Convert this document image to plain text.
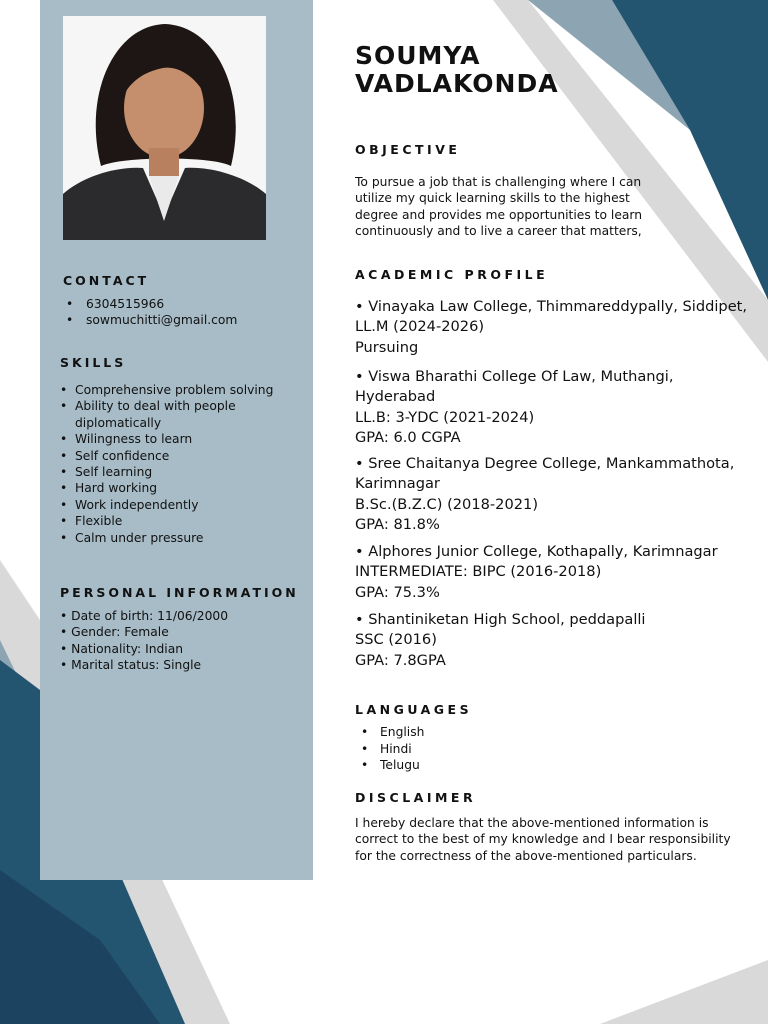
CONTACT
• 6304515966
• sowmuchitti@gmail.com
SKILLS
• Comprehensive problem solving
• Ability to deal with people diplomatically
• Wilingness to learn
• Self confidence
• Self learning
• Hard working
• Work independently
• Flexible
• Calm under pressure
PERSONAL INFORMATION
• Date of birth: 11/06/2000
• Gender: Female
• Nationality: Indian
• Marital status: Single
SOUMYA
VADLAKONDA
OBJECTIVE

To pursue a job that is challenging where I can
utilize my quick learning skills to the highest
degree and provides me opportunities to learn
continuously and to live a career that matters,

ACADEMIC PROFILE
• Vinayaka Law College, Thimmareddypally, Siddipet,
LL.M (2024-2026)
Pursuing
• Viswa Bharathi College Of Law, Muthangi,
Hyderabad
LL.B: 3-YDC (2021-2024)
GPA: 6.0 CGPA
• Sree Chaitanya Degree College, Mankammathota,
Karimnagar
B.Sc.(B.Z.C) (2018-2021)
GPA: 81.8%
• Alphores Junior College, Kothapally, Karimnagar
INTERMEDIATE: BIPC (2016-2018)
GPA: 75.3%
• Shantiniketan High School, peddapalli
SSC (2016)
GPA: 7.8GPA
LANGUAGES
• English
• Hindi
• Telugu
DISCLAIMER

I hereby declare that the above-mentioned information is
correct to the best of my knowledge and I bear responsibility
for the correctness of the above-mentioned particulars.
